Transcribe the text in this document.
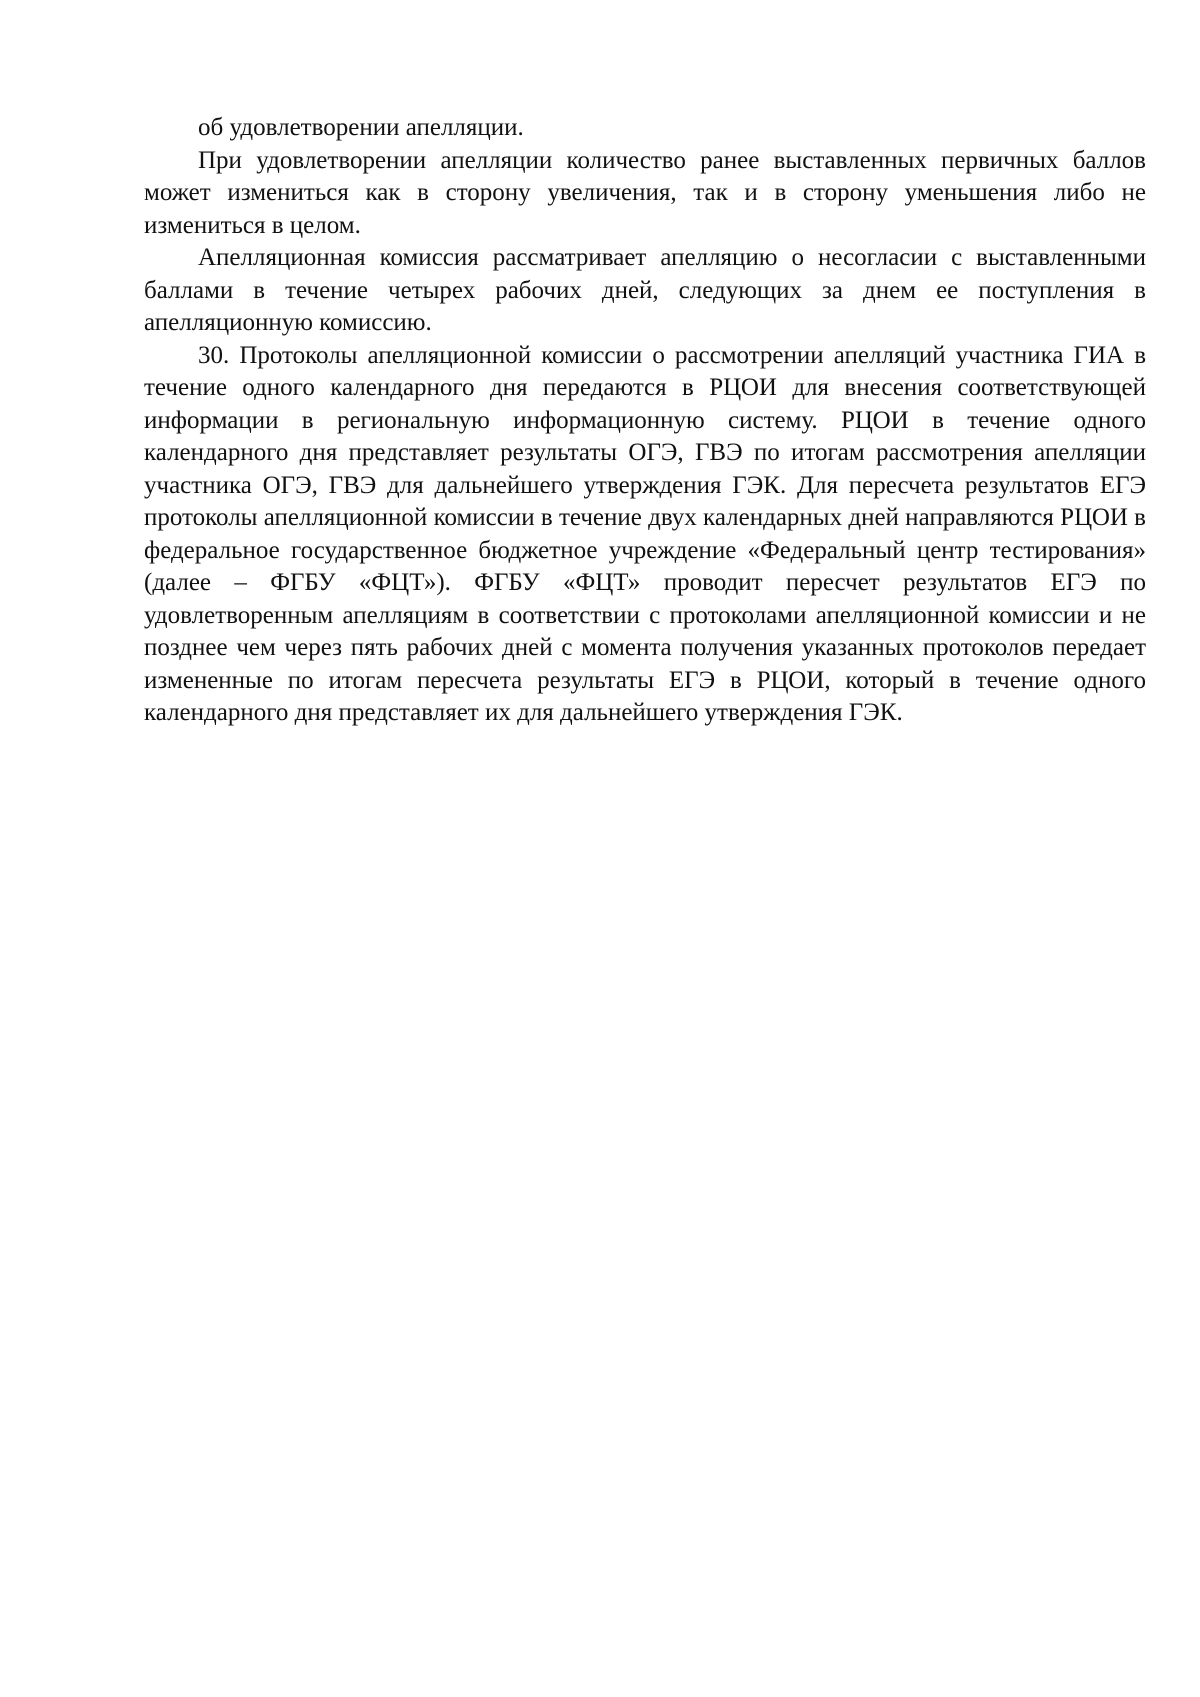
об удовлетворении апелляции.

При удовлетворении апелляции количество ранее выставленных первичных баллов может измениться как в сторону увеличения, так и в сторону уменьшения либо не измениться в целом.

Апелляционная комиссия рассматривает апелляцию о несогласии с выставленными баллами в течение четырех рабочих дней, следующих за днем ее поступления в апелляционную комиссию.

30. Протоколы апелляционной комиссии о рассмотрении апелляций участника ГИА в течение одного календарного дня передаются в РЦОИ для внесения соответствующей информации в региональную информационную систему. РЦОИ в течение одного календарного дня представляет результаты ОГЭ, ГВЭ по итогам рассмотрения апелляции участника ОГЭ, ГВЭ для дальнейшего утверждения ГЭК. Для пересчета результатов ЕГЭ протоколы апелляционной комиссии в течение двух календарных дней направляются РЦОИ в федеральное государственное бюджетное учреждение «Федеральный центр тестирования» (далее – ФГБУ «ФЦТ»). ФГБУ «ФЦТ» проводит пересчет результатов ЕГЭ по удовлетворенным апелляциям в соответствии с протоколами апелляционной комиссии и не позднее чем через пять рабочих дней с момента получения указанных протоколов передает измененные по итогам пересчета результаты ЕГЭ в РЦОИ, который в течение одного календарного дня представляет их для дальнейшего утверждения ГЭК.
